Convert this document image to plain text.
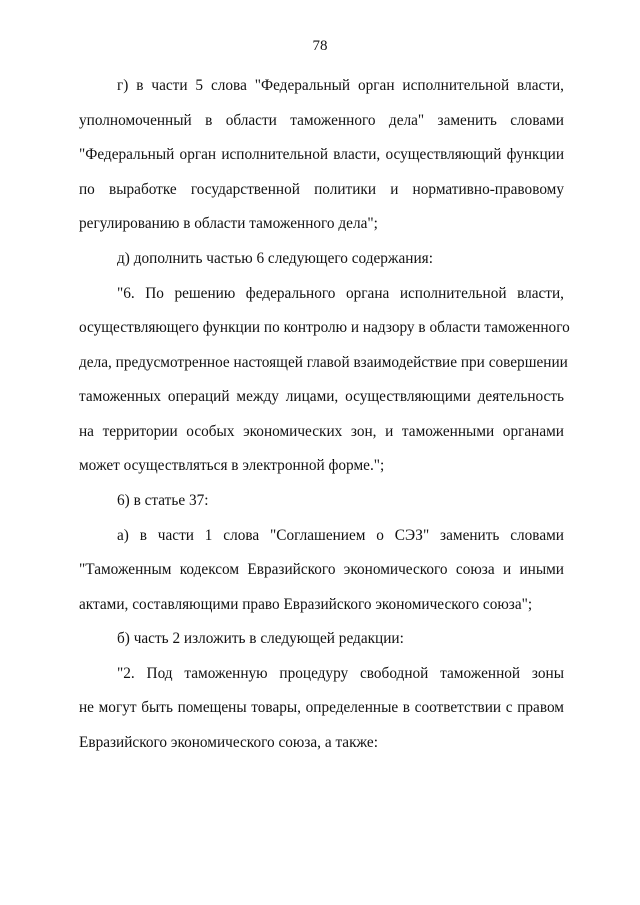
78
г) в части 5 слова "Федеральный орган исполнительной власти,
уполномоченный в области таможенного дела" заменить словами
"Федеральный орган исполнительной власти, осуществляющий функции
по выработке государственной политики и нормативно-правовому
регулированию в области таможенного дела";
д) дополнить частью 6 следующего содержания:
"6. По решению федерального органа исполнительной власти,
осуществляющего функции по контролю и надзору в области таможенного
дела, предусмотренное настоящей главой взаимодействие при совершении
таможенных операций между лицами, осуществляющими деятельность
на территории особых экономических зон, и таможенными органами
может осуществляться в электронной форме.";
6) в статье 37:
а) в части 1 слова "Соглашением о СЭЗ" заменить словами
"Таможенным кодексом Евразийского экономического союза и иными
актами, составляющими право Евразийского экономического союза";
б) часть 2 изложить в следующей редакции:
"2. Под таможенную процедуру свободной таможенной зоны
не могут быть помещены товары, определенные в соответствии с правом
Евразийского экономического союза, а также:
